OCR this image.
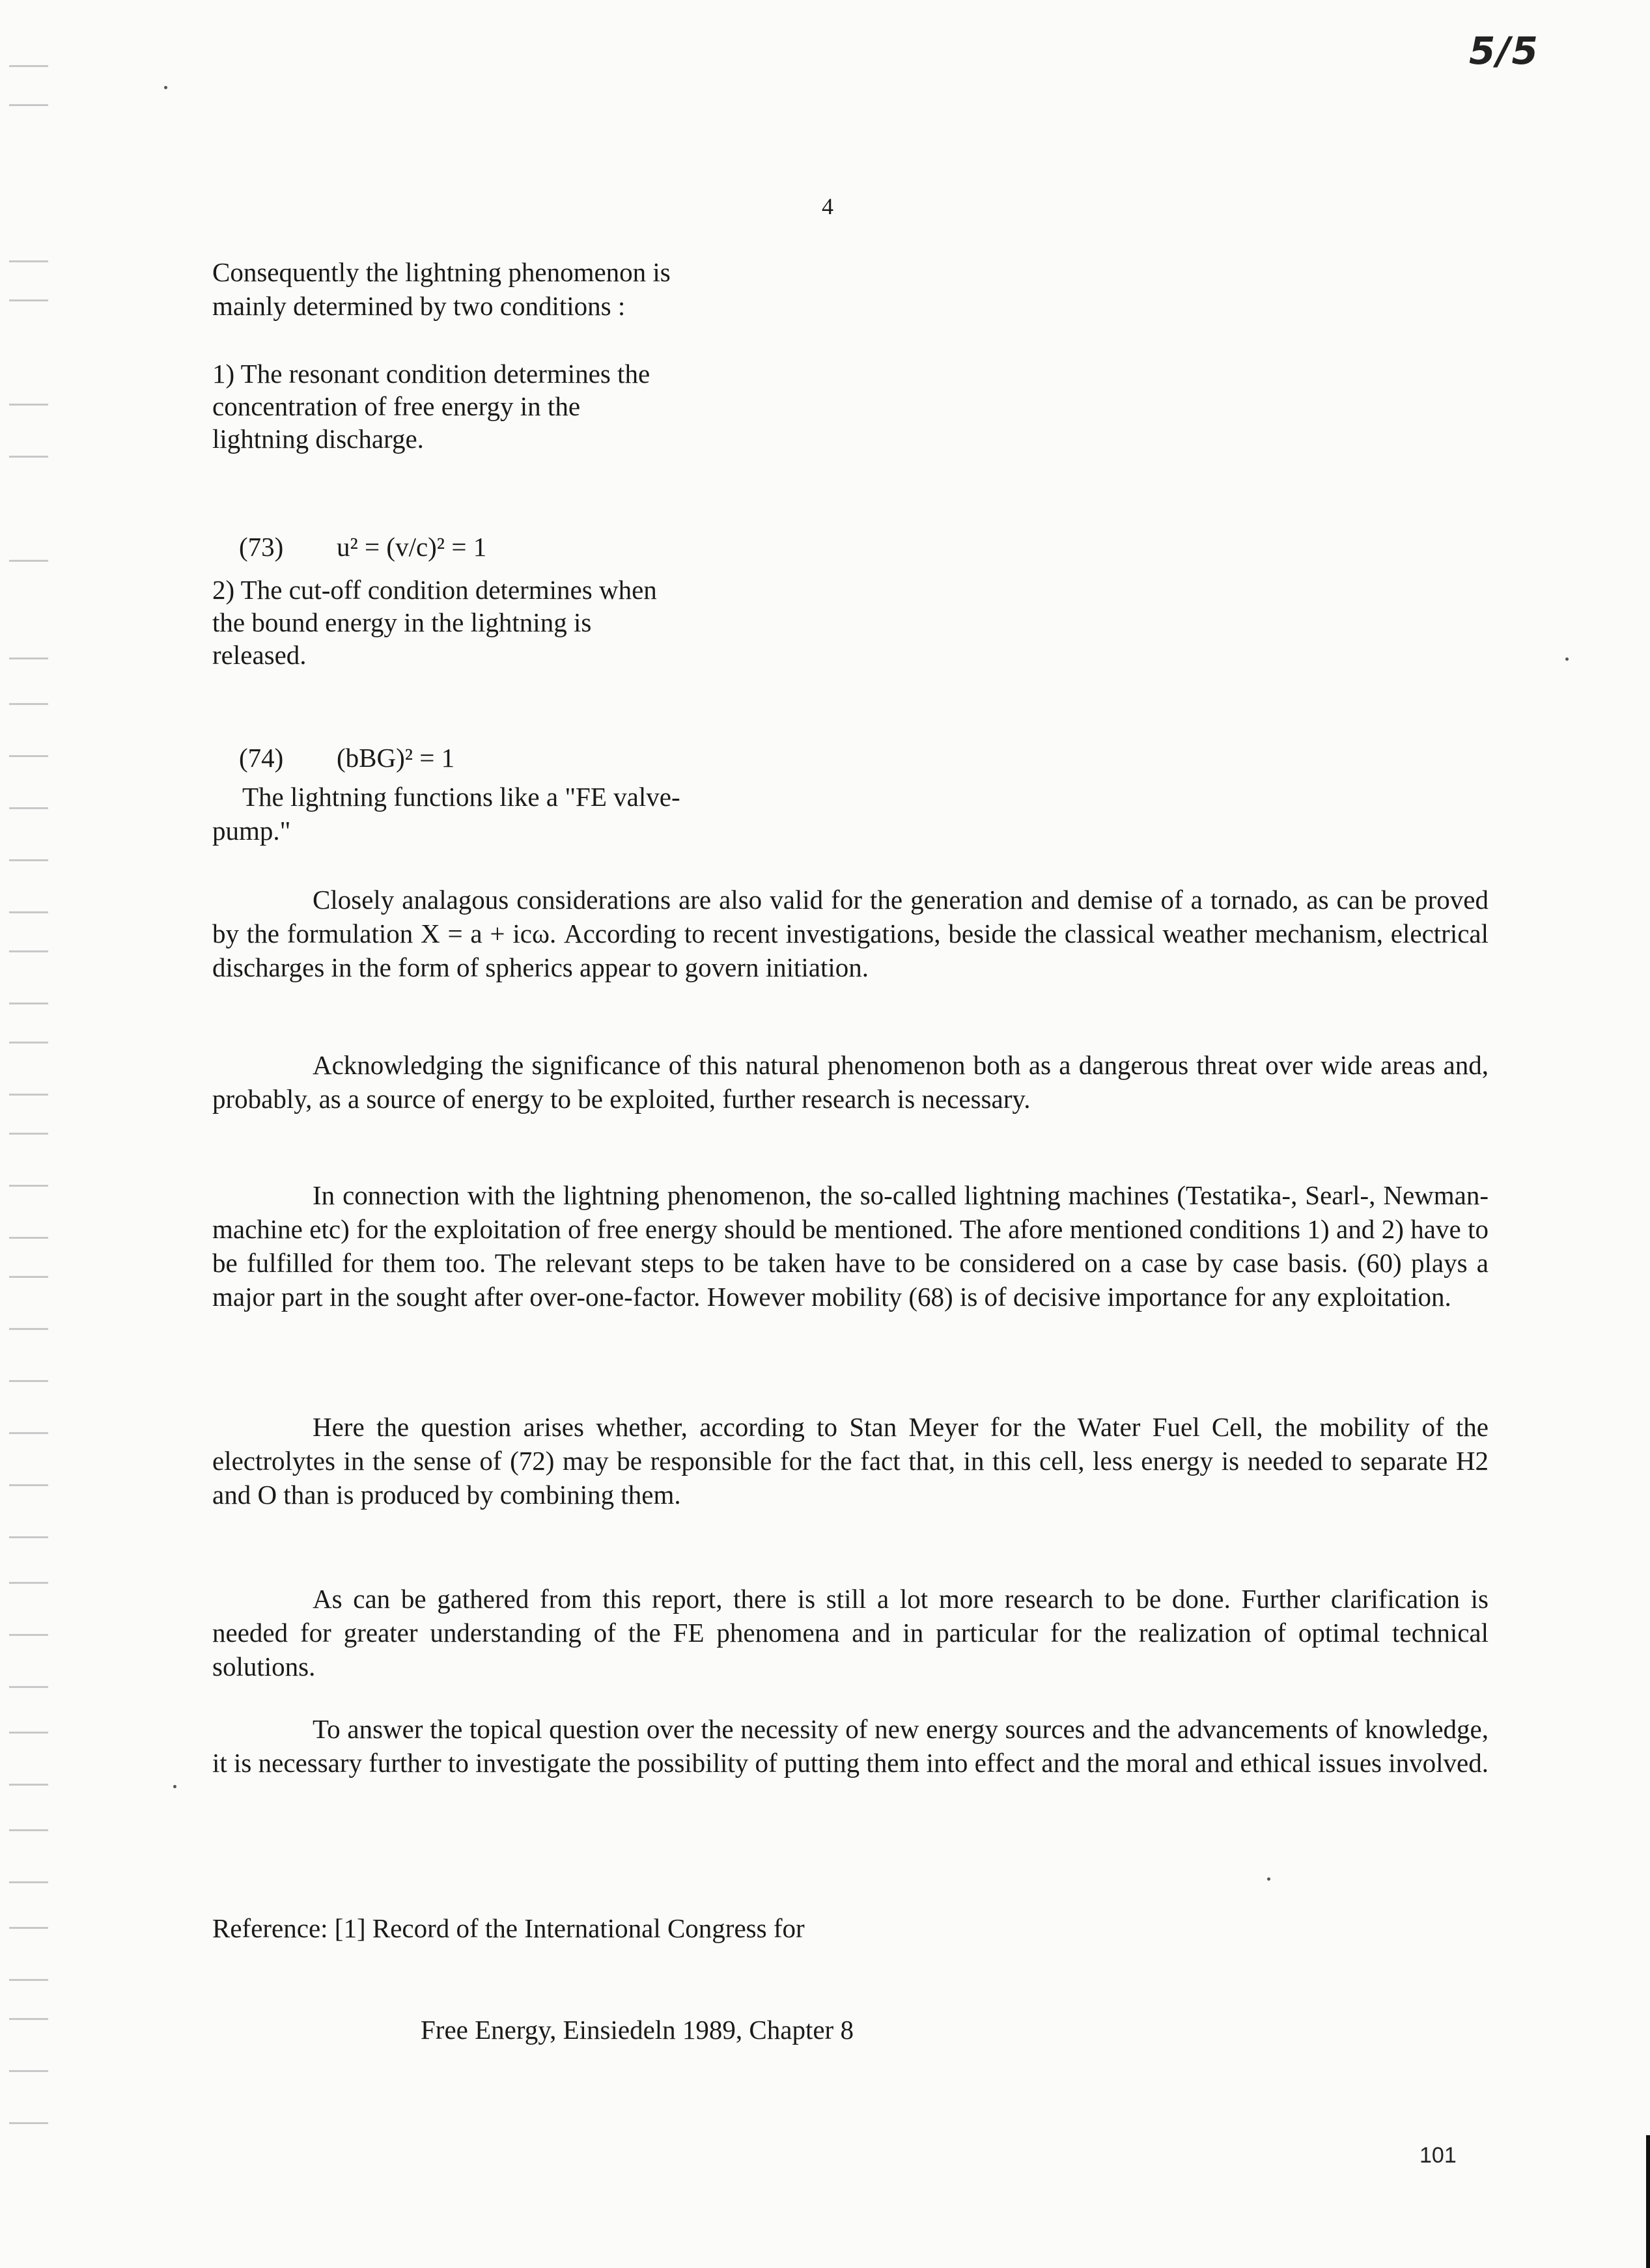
5/5
4
Consequently the lightning phenomenon is
mainly determined by two conditions :
1) The resonant condition determines the
concentration of free energy in the
lightning discharge.

(73) u² = (v/c)² = 1

2) The cut-off condition determines when
the bound energy in the lightning is
released.

(74) (bBG)² = 1

The lightning functions like a "FE valve-
pump."
Closely analagous considerations are also valid for the generation and demise of a tornado, as can be proved by the formulation X = a + icω. According to recent investigations, beside the classical weather mechanism, electrical discharges in the form of spherics appear to govern initiation.
Acknowledging the significance of this natural phenomenon both as a dangerous threat over wide areas and, probably, as a source of energy to be exploited, further research is necessary.
In connection with the lightning phenomenon, the so-called lightning machines (Testatika-, Searl-, Newman- machine etc) for the exploitation of free energy should be mentioned. The afore mentioned conditions 1) and 2) have to be fulfilled for them too. The relevant steps to be taken have to be considered on a case by case basis. (60) plays a major part in the sought after over-one-factor. However mobility (68) is of decisive importance for any exploitation.
Here the question arises whether, according to Stan Meyer for the Water Fuel Cell, the mobility of the electrolytes in the sense of (72) may be responsible for the fact that, in this cell, less energy is needed to separate H2 and O than is produced by combining them.
As can be gathered from this report, there is still a lot more research to be done. Further clarification is needed for greater understanding of the FE phenomena and in particular for the realization of optimal technical solutions.
To answer the topical question over the necessity of new energy sources and the advancements of knowledge, it is necessary further to investigate the possibility of putting them into effect and the moral and ethical issues involved.

Reference: [1] Record of the International Congress for

Free Energy, Einsiedeln 1989, Chapter 8

101
